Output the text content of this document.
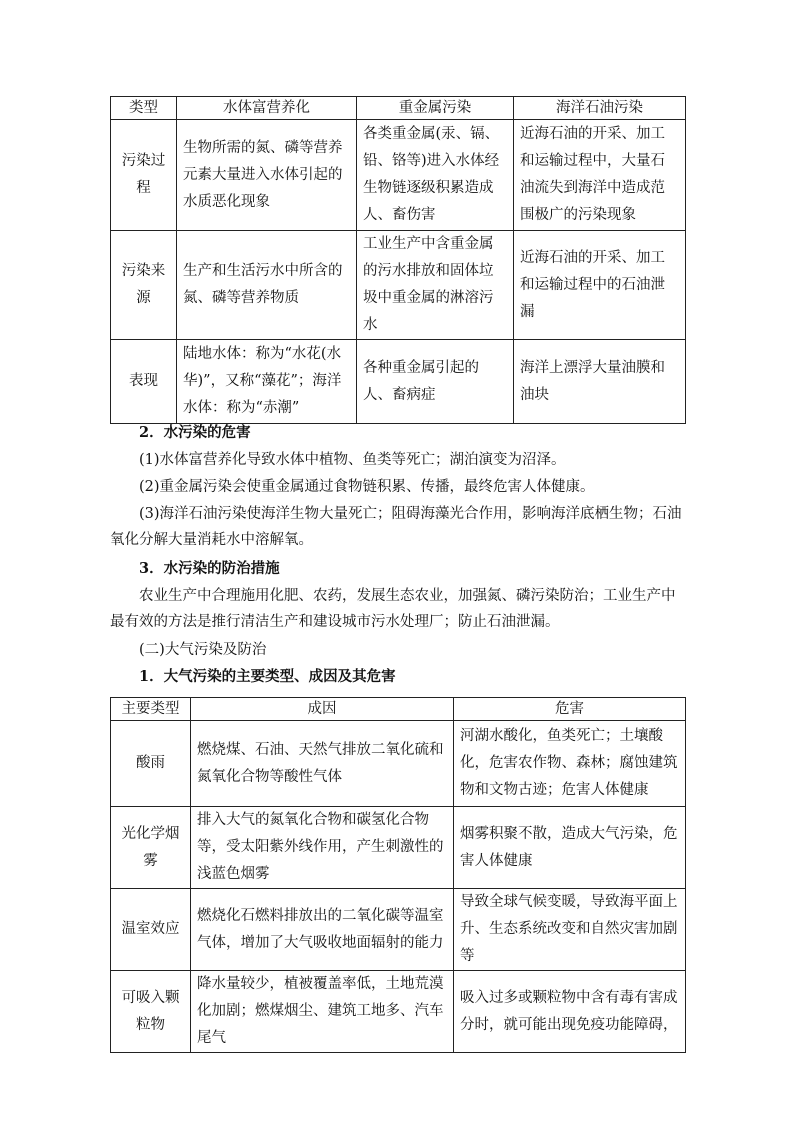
类型	水体富营养化	重金属污染	海洋石油污染
污染过程	生物所需的氮、磷等营养元素大量进入水体引起的水质恶化现象	各类重金属(汞、镉、铅、铬等)进入水体经生物链逐级积累造成人、畜伤害	近海石油的开采、加工和运输过程中，大量石油流失到海洋中造成范围极广的污染现象
污染来源	生产和生活污水中所含的氮、磷等营养物质	工业生产中含重金属的污水排放和固体垃圾中重金属的淋溶污水	近海石油的开采、加工和运输过程中的石油泄漏
表现	陆地水体：称为“水花(水华)”，又称“藻花”；海洋水体：称为“赤潮”	各种重金属引起的人、畜病症	海洋上漂浮大量油膜和油块

2．水污染的危害

(1)水体富营养化导致水体中植物、鱼类等死亡；湖泊演变为沼泽。

(2)重金属污染会使重金属通过食物链积累、传播，最终危害人体健康。

(3)海洋石油污染使海洋生物大量死亡；阻碍海藻光合作用，影响海洋底栖生物；石油氧化分解大量消耗水中溶解氧。

3．水污染的防治措施

农业生产中合理施用化肥、农药，发展生态农业，加强氮、磷污染防治；工业生产中最有效的方法是推行清洁生产和建设城市污水处理厂；防止石油泄漏。

(二)大气污染及防治

1．大气污染的主要类型、成因及其危害

主要类型	成因	危害
酸雨	燃烧煤、石油、天然气排放二氧化硫和氮氧化合物等酸性气体	河湖水酸化，鱼类死亡；土壤酸化，危害农作物、森林；腐蚀建筑物和文物古迹；危害人体健康
光化学烟雾	排入大气的氮氧化合物和碳氢化合物等，受太阳紫外线作用，产生刺激性的浅蓝色烟雾	烟雾积聚不散，造成大气污染，危害人体健康
温室效应	燃烧化石燃料排放出的二氧化碳等温室气体，增加了大气吸收地面辐射的能力	导致全球气候变暖，导致海平面上升、生态系统改变和自然灾害加剧等
可吸入颗粒物	降水量较少，植被覆盖率低，土地荒漠化加剧；燃煤烟尘、建筑工地多、汽车尾气	吸入过多或颗粒物中含有毒有害成分时，就可能出现免疫功能障碍，
